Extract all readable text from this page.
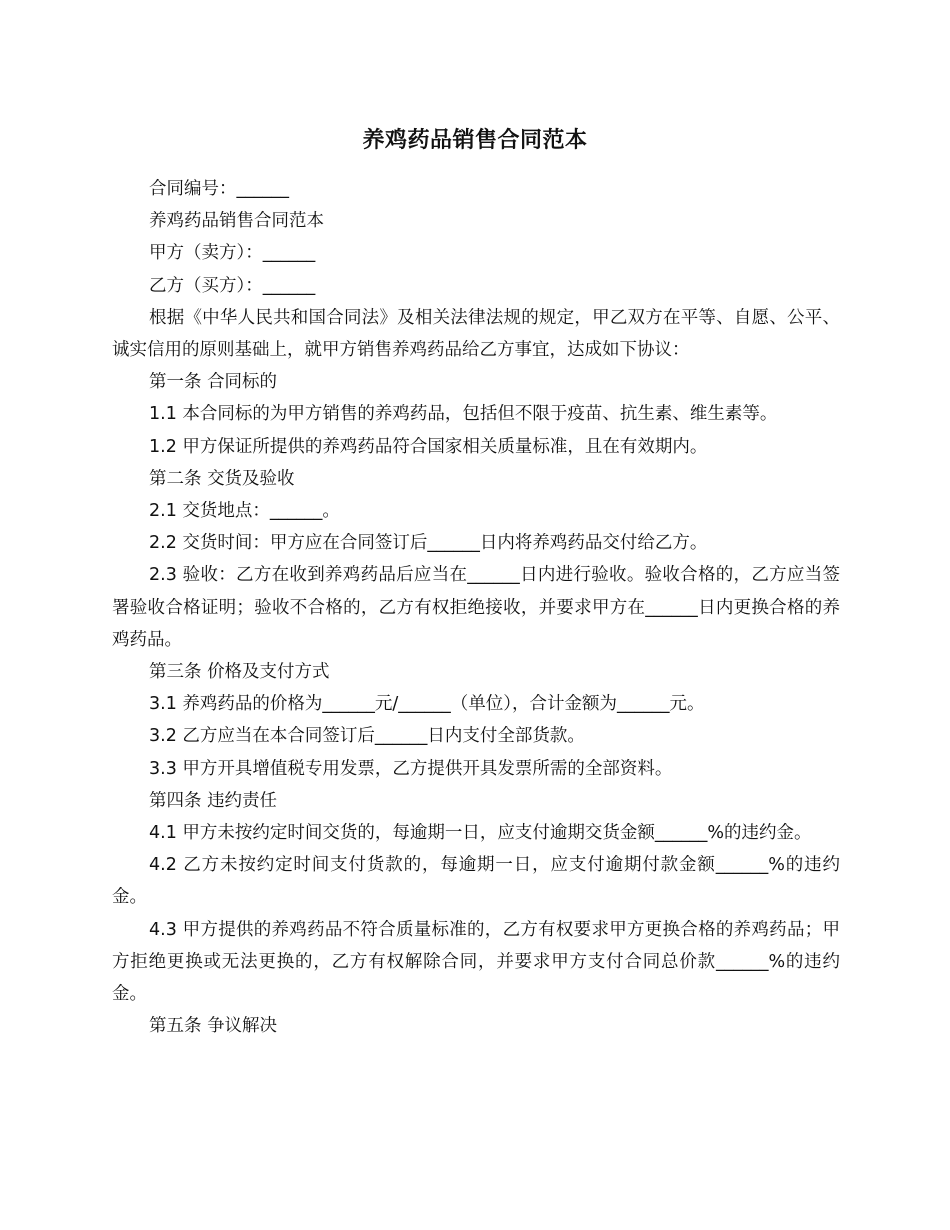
养鸡药品销售合同范本

合同编号：______

养鸡药品销售合同范本

甲方（卖方）：______

乙方（买方）：______

根据《中华人民共和国合同法》及相关法律法规的规定，甲乙双方在平等、自愿、公平、诚实信用的原则基础上，就甲方销售养鸡药品给乙方事宜，达成如下协议：

第一条 合同标的

1.1 本合同标的为甲方销售的养鸡药品，包括但不限于疫苗、抗生素、维生素等。

1.2 甲方保证所提供的养鸡药品符合国家相关质量标准，且在有效期内。

第二条 交货及验收

2.1 交货地点：______。

2.2 交货时间：甲方应在合同签订后______日内将养鸡药品交付给乙方。

2.3 验收：乙方在收到养鸡药品后应当在______日内进行验收。验收合格的，乙方应当签署验收合格证明；验收不合格的，乙方有权拒绝接收，并要求甲方在______日内更换合格的养鸡药品。

第三条 价格及支付方式

3.1 养鸡药品的价格为______元/______（单位），合计金额为______元。

3.2 乙方应当在本合同签订后______日内支付全部货款。

3.3 甲方开具增值税专用发票，乙方提供开具发票所需的全部资料。

第四条 违约责任

4.1 甲方未按约定时间交货的，每逾期一日，应支付逾期交货金额______%的违约金。

4.2 乙方未按约定时间支付货款的，每逾期一日，应支付逾期付款金额______%的违约金。

4.3 甲方提供的养鸡药品不符合质量标准的，乙方有权要求甲方更换合格的养鸡药品；甲方拒绝更换或无法更换的，乙方有权解除合同，并要求甲方支付合同总价款______%的违约金。

第五条 争议解决
